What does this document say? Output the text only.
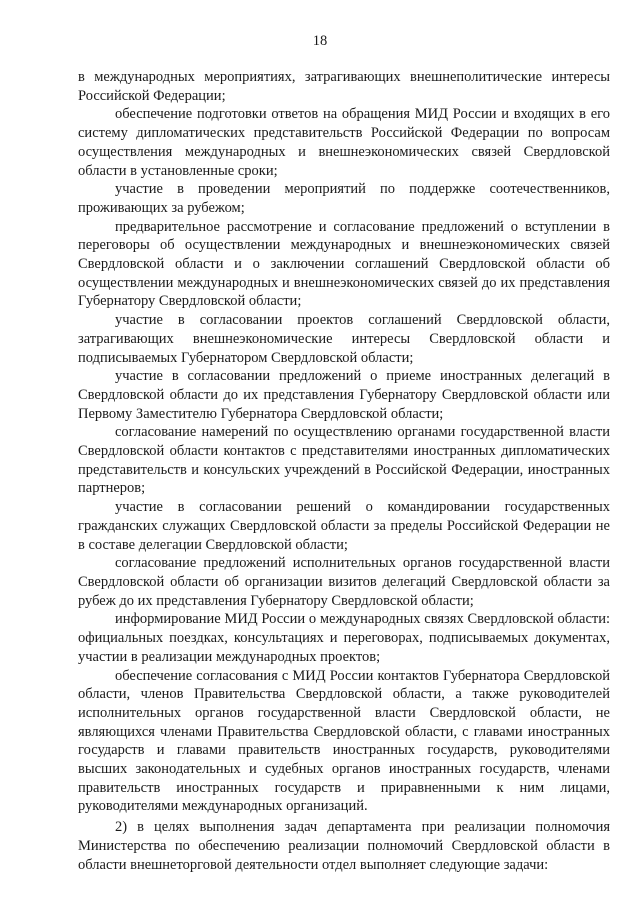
18

в международных мероприятиях, затрагивающих внешнеполитические интересы Российской Федерации;

обеспечение подготовки ответов на обращения МИД России и входящих в его систему дипломатических представительств Российской Федерации по вопросам осуществления международных и внешнеэкономических связей Свердловской области в установленные сроки;

участие в проведении мероприятий по поддержке соотечественников, проживающих за рубежом;

предварительное рассмотрение и согласование предложений о вступлении в переговоры об осуществлении международных и внешнеэкономических связей Свердловской области и о заключении соглашений Свердловской области об осуществлении международных и внешнеэкономических связей до их представления Губернатору Свердловской области;

участие в согласовании проектов соглашений Свердловской области, затрагивающих внешнеэкономические интересы Свердловской области и подписываемых Губернатором Свердловской области;

участие в согласовании предложений о приеме иностранных делегаций в Свердловской области до их представления Губернатору Свердловской области или Первому Заместителю Губернатора Свердловской области;

согласование намерений по осуществлению органами государственной власти Свердловской области контактов с представителями иностранных дипломатических представительств и консульских учреждений в Российской Федерации, иностранных партнеров;

участие в согласовании решений о командировании государственных гражданских служащих Свердловской области за пределы Российской Федерации не в составе делегации Свердловской области;

согласование предложений исполнительных органов государственной власти Свердловской области об организации визитов делегаций Свердловской области за рубеж до их представления Губернатору Свердловской области;

информирование МИД России о международных связях Свердловской области: официальных поездках, консультациях и переговорах, подписываемых документах, участии в реализации международных проектов;

обеспечение согласования с МИД России контактов Губернатора Свердловской области, членов Правительства Свердловской области, а также руководителей исполнительных органов государственной власти Свердловской области, не являющихся членами Правительства Свердловской области, с главами иностранных государств и главами правительств иностранных государств, руководителями высших законодательных и судебных органов иностранных государств, членами правительств иностранных государств и приравненными к ним лицами, руководителями международных организаций.

2) в целях выполнения задач департамента при реализации полномочия Министерства по обеспечению реализации полномочий Свердловской области в области внешнеторговой деятельности отдел выполняет следующие задачи:
